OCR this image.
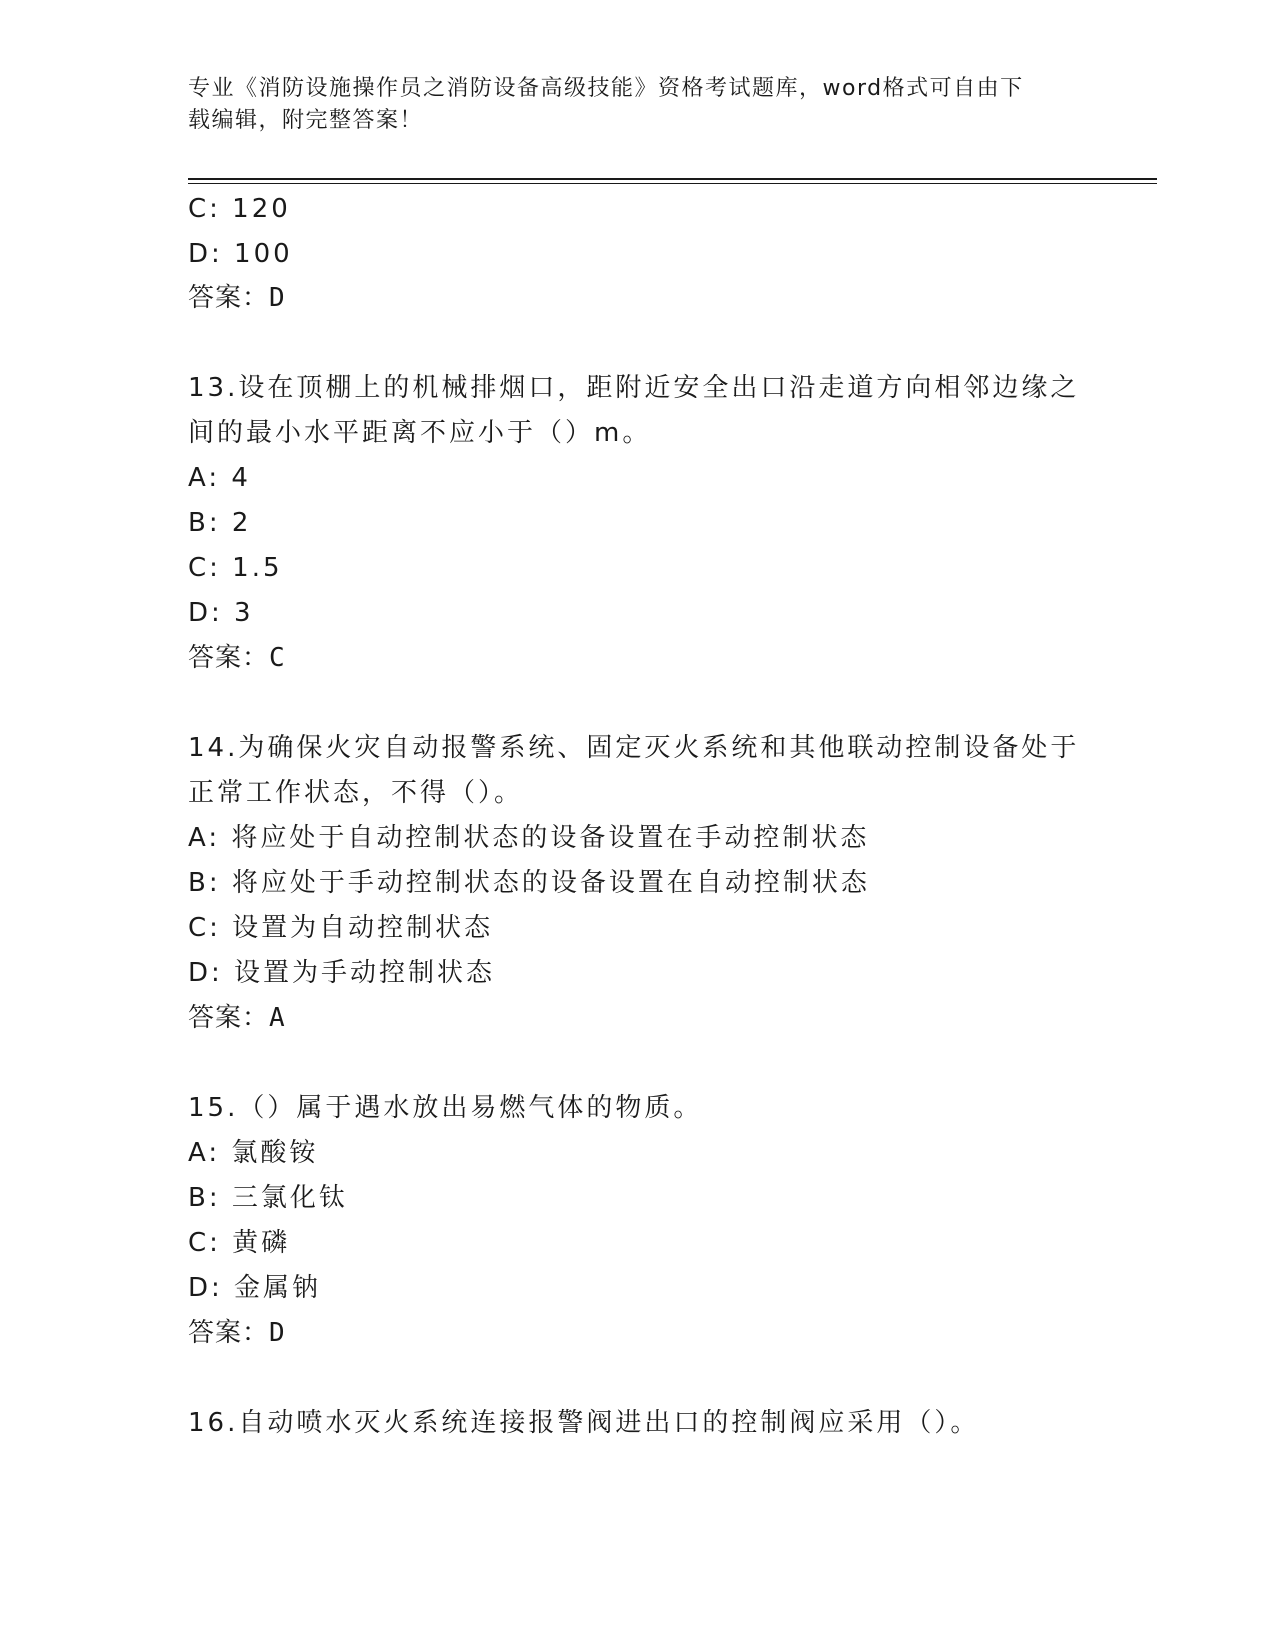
专业《消防设施操作员之消防设备高级技能》资格考试题库，word格式可自由下
载编辑，附完整答案！
C: 120
D: 100
答案：D
13.设在顶棚上的机械排烟口，距附近安全出口沿走道方向相邻边缘之
间的最小水平距离不应小于（）m。
A: 4
B: 2
C: 1.5
D: 3
答案：C
14.为确保火灾自动报警系统、固定灭火系统和其他联动控制设备处于
正常工作状态，不得（）。
A: 将应处于自动控制状态的设备设置在手动控制状态
B: 将应处于手动控制状态的设备设置在自动控制状态
C: 设置为自动控制状态
D: 设置为手动控制状态
答案：A
15.（）属于遇水放出易燃气体的物质。
A: 氯酸铵
B: 三氯化钛
C: 黄磷
D: 金属钠
答案：D
16.自动喷水灭火系统连接报警阀进出口的控制阀应采用（）。
